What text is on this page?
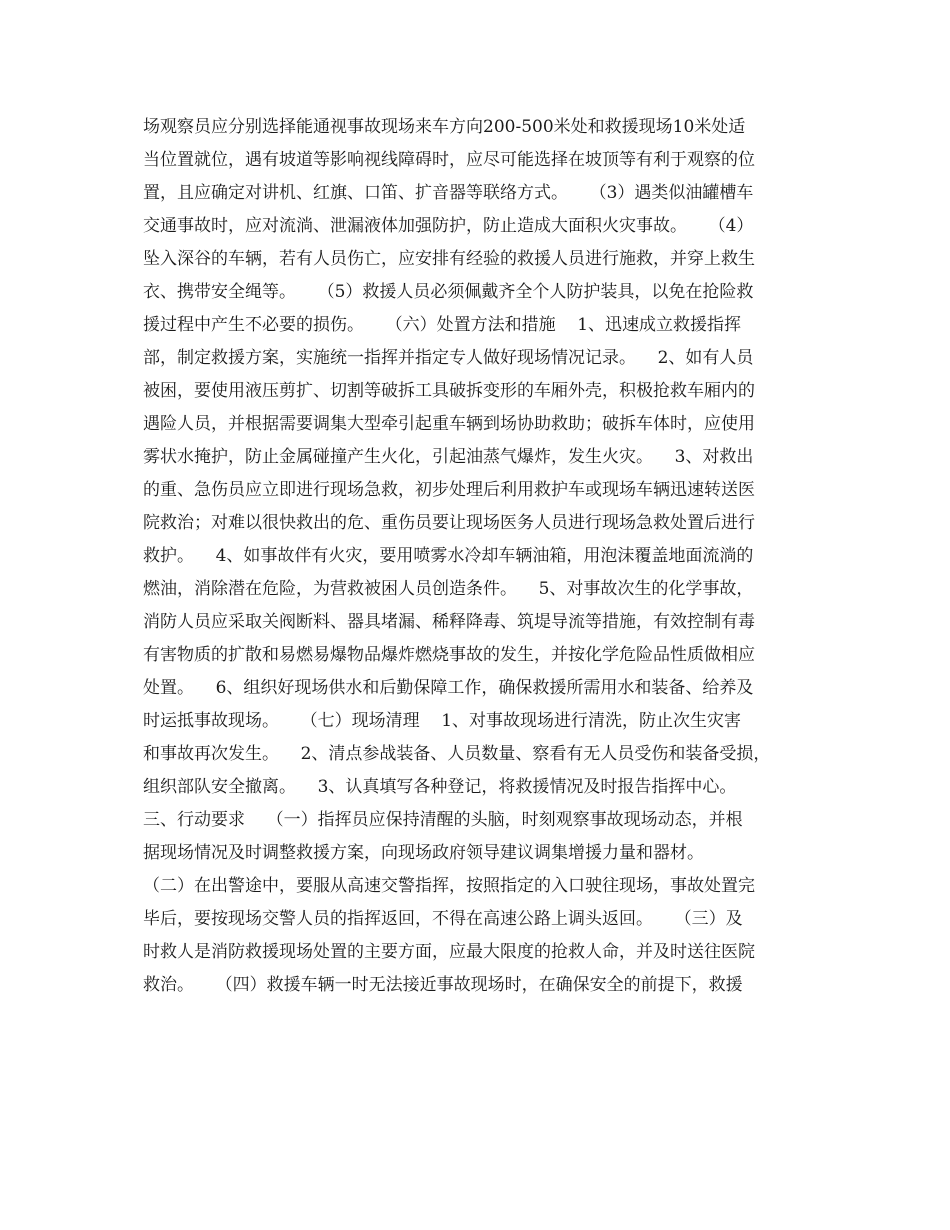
场观察员应分别选择能通视事故现场来车方向200-500米处和救援现场10米处适
当位置就位，遇有坡道等影响视线障碍时，应尽可能选择在坡顶等有利于观察的位
置，且应确定对讲机、红旗、口笛、扩音器等联络方式。    （3）遇类似油罐槽车
交通事故时，应对流淌、泄漏液体加强防护，防止造成大面积火灾事故。    （4）
坠入深谷的车辆，若有人员伤亡，应安排有经验的救援人员进行施救，并穿上救生
衣、携带安全绳等。    （5）救援人员必须佩戴齐全个人防护装具，以免在抢险救
援过程中产生不必要的损伤。    （六）处置方法和措施    1、迅速成立救援指挥
部，制定救援方案，实施统一指挥并指定专人做好现场情况记录。    2、如有人员
被困，要使用液压剪扩、切割等破拆工具破拆变形的车厢外壳，积极抢救车厢内的
遇险人员，并根据需要调集大型牵引起重车辆到场协助救助；破拆车体时，应使用
雾状水掩护，防止金属碰撞产生火化，引起油蒸气爆炸，发生火灾。    3、对救出
的重、急伤员应立即进行现场急救，初步处理后利用救护车或现场车辆迅速转送医
院救治；对难以很快救出的危、重伤员要让现场医务人员进行现场急救处置后进行
救护。    4、如事故伴有火灾，要用喷雾水冷却车辆油箱，用泡沫覆盖地面流淌的
燃油，消除潜在危险，为营救被困人员创造条件。    5、对事故次生的化学事故，
消防人员应采取关阀断料、器具堵漏、稀释降毒、筑堤导流等措施，有效控制有毒
有害物质的扩散和易燃易爆物品爆炸燃烧事故的发生，并按化学危险品性质做相应
处置。    6、组织好现场供水和后勤保障工作，确保救援所需用水和装备、给养及
时运抵事故现场。    （七）现场清理    1、对事故现场进行清洗，防止次生灾害
和事故再次发生。    2、清点参战装备、人员数量、察看有无人员受伤和装备受损，
组织部队安全撤离。    3、认真填写各种登记，将救援情况及时报告指挥中心。
三、行动要求    （一）指挥员应保持清醒的头脑，时刻观察事故现场动态，并根
据现场情况及时调整救援方案，向现场政府领导建议调集增援力量和器材。
（二）在出警途中，要服从高速交警指挥，按照指定的入口驶往现场，事故处置完
毕后，要按现场交警人员的指挥返回，不得在高速公路上调头返回。    （三）及
时救人是消防救援现场处置的主要方面，应最大限度的抢救人命，并及时送往医院
救治。    （四）救援车辆一时无法接近事故现场时，在确保安全的前提下，救援
